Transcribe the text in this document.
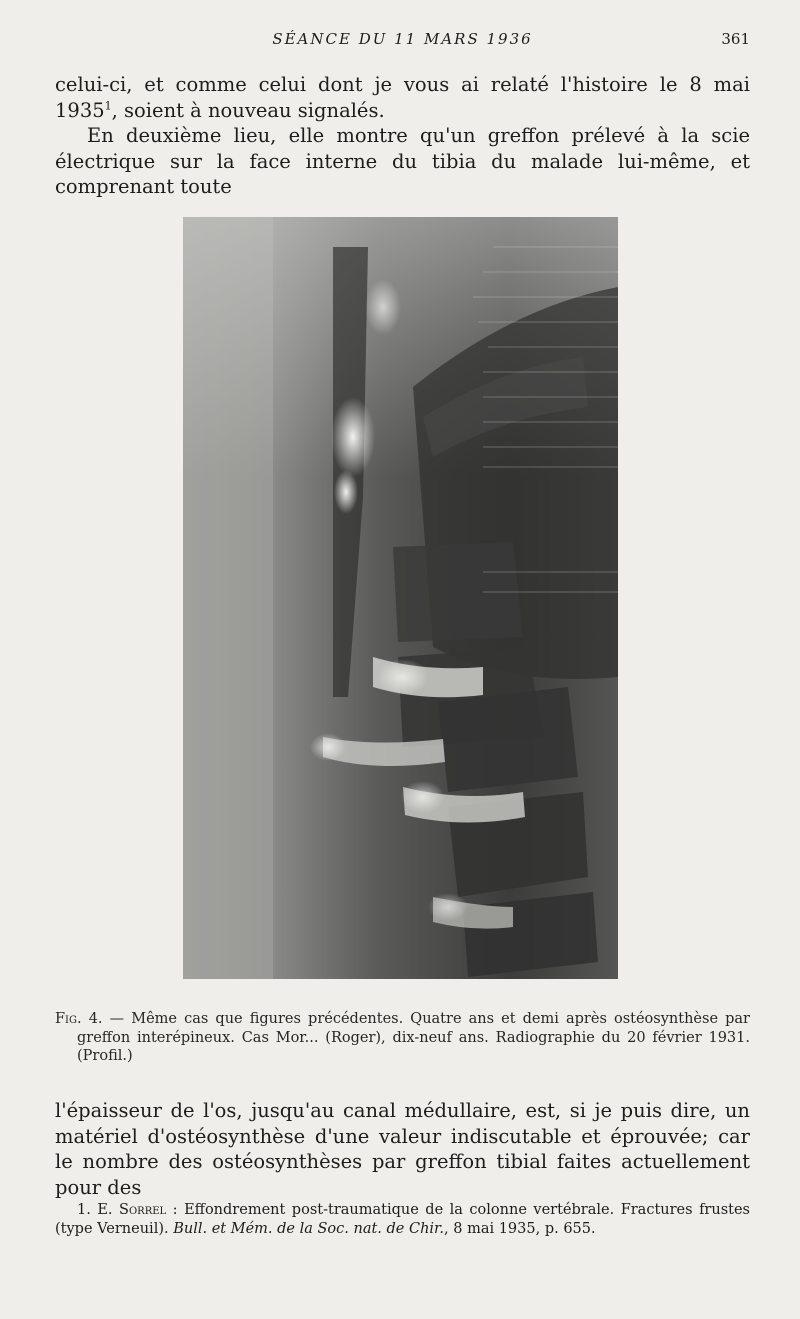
SÉANCE DU 11 MARS 1936	361

celui-ci, et comme celui dont je vous ai relaté l'histoire le 8 mai 1935$^1$, soient à nouveau signalés.

En deuxième lieu, elle montre qu'un greffon prélevé à la scie électrique sur la face interne du tibia du malade lui-même, et comprenant toute

Fig. 4. — Même cas que figures précédentes. Quatre ans et demi après ostéosynthèse par greffon interépineux. Cas Mor... (Roger), dix-neuf ans. Radiographie du 20 février 1931. (Profil.)

l'épaisseur de l'os, jusqu'au canal médullaire, est, si je puis dire, un matériel d'ostéosynthèse d'une valeur indiscutable et éprouvée; car le nombre des ostéosynthèses par greffon tibial faites actuellement pour des

1. E. Sorrel : Effondrement post-traumatique de la colonne vertébrale. Fractures frustes (type Verneuil). Bull. et Mém. de la Soc. nat. de Chir., 8 mai 1935, p. 655.
